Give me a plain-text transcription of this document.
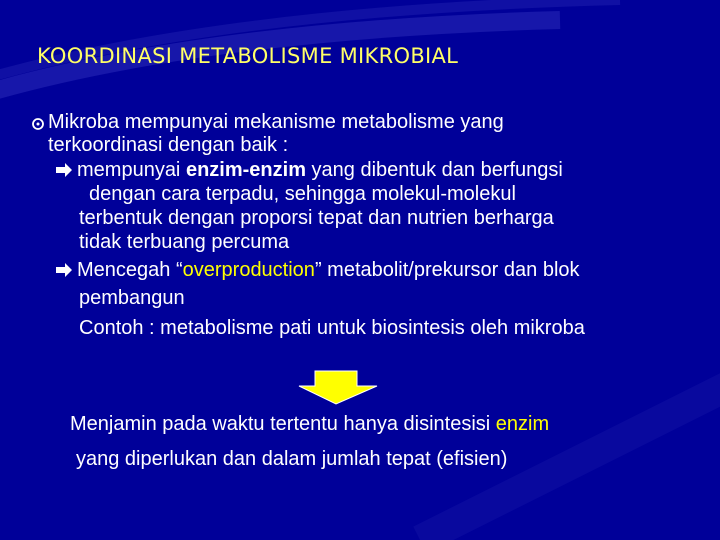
KOORDINASI METABOLISME MIKROBIAL
Mikroba mempunyai mekanisme metabolisme yang
terkoordinasi dengan baik :
mempunyai enzim-enzim yang dibentuk dan berfungsi
dengan cara terpadu, sehingga molekul-molekul
terbentuk dengan proporsi tepat dan nutrien berharga
tidak terbuang percuma
Mencegah “overproduction” metabolit/prekursor dan blok
pembangun
Contoh : metabolisme pati untuk biosintesis oleh mikroba
Menjamin pada waktu tertentu hanya disintesisi enzim
yang diperlukan dan dalam jumlah tepat (efisien)
